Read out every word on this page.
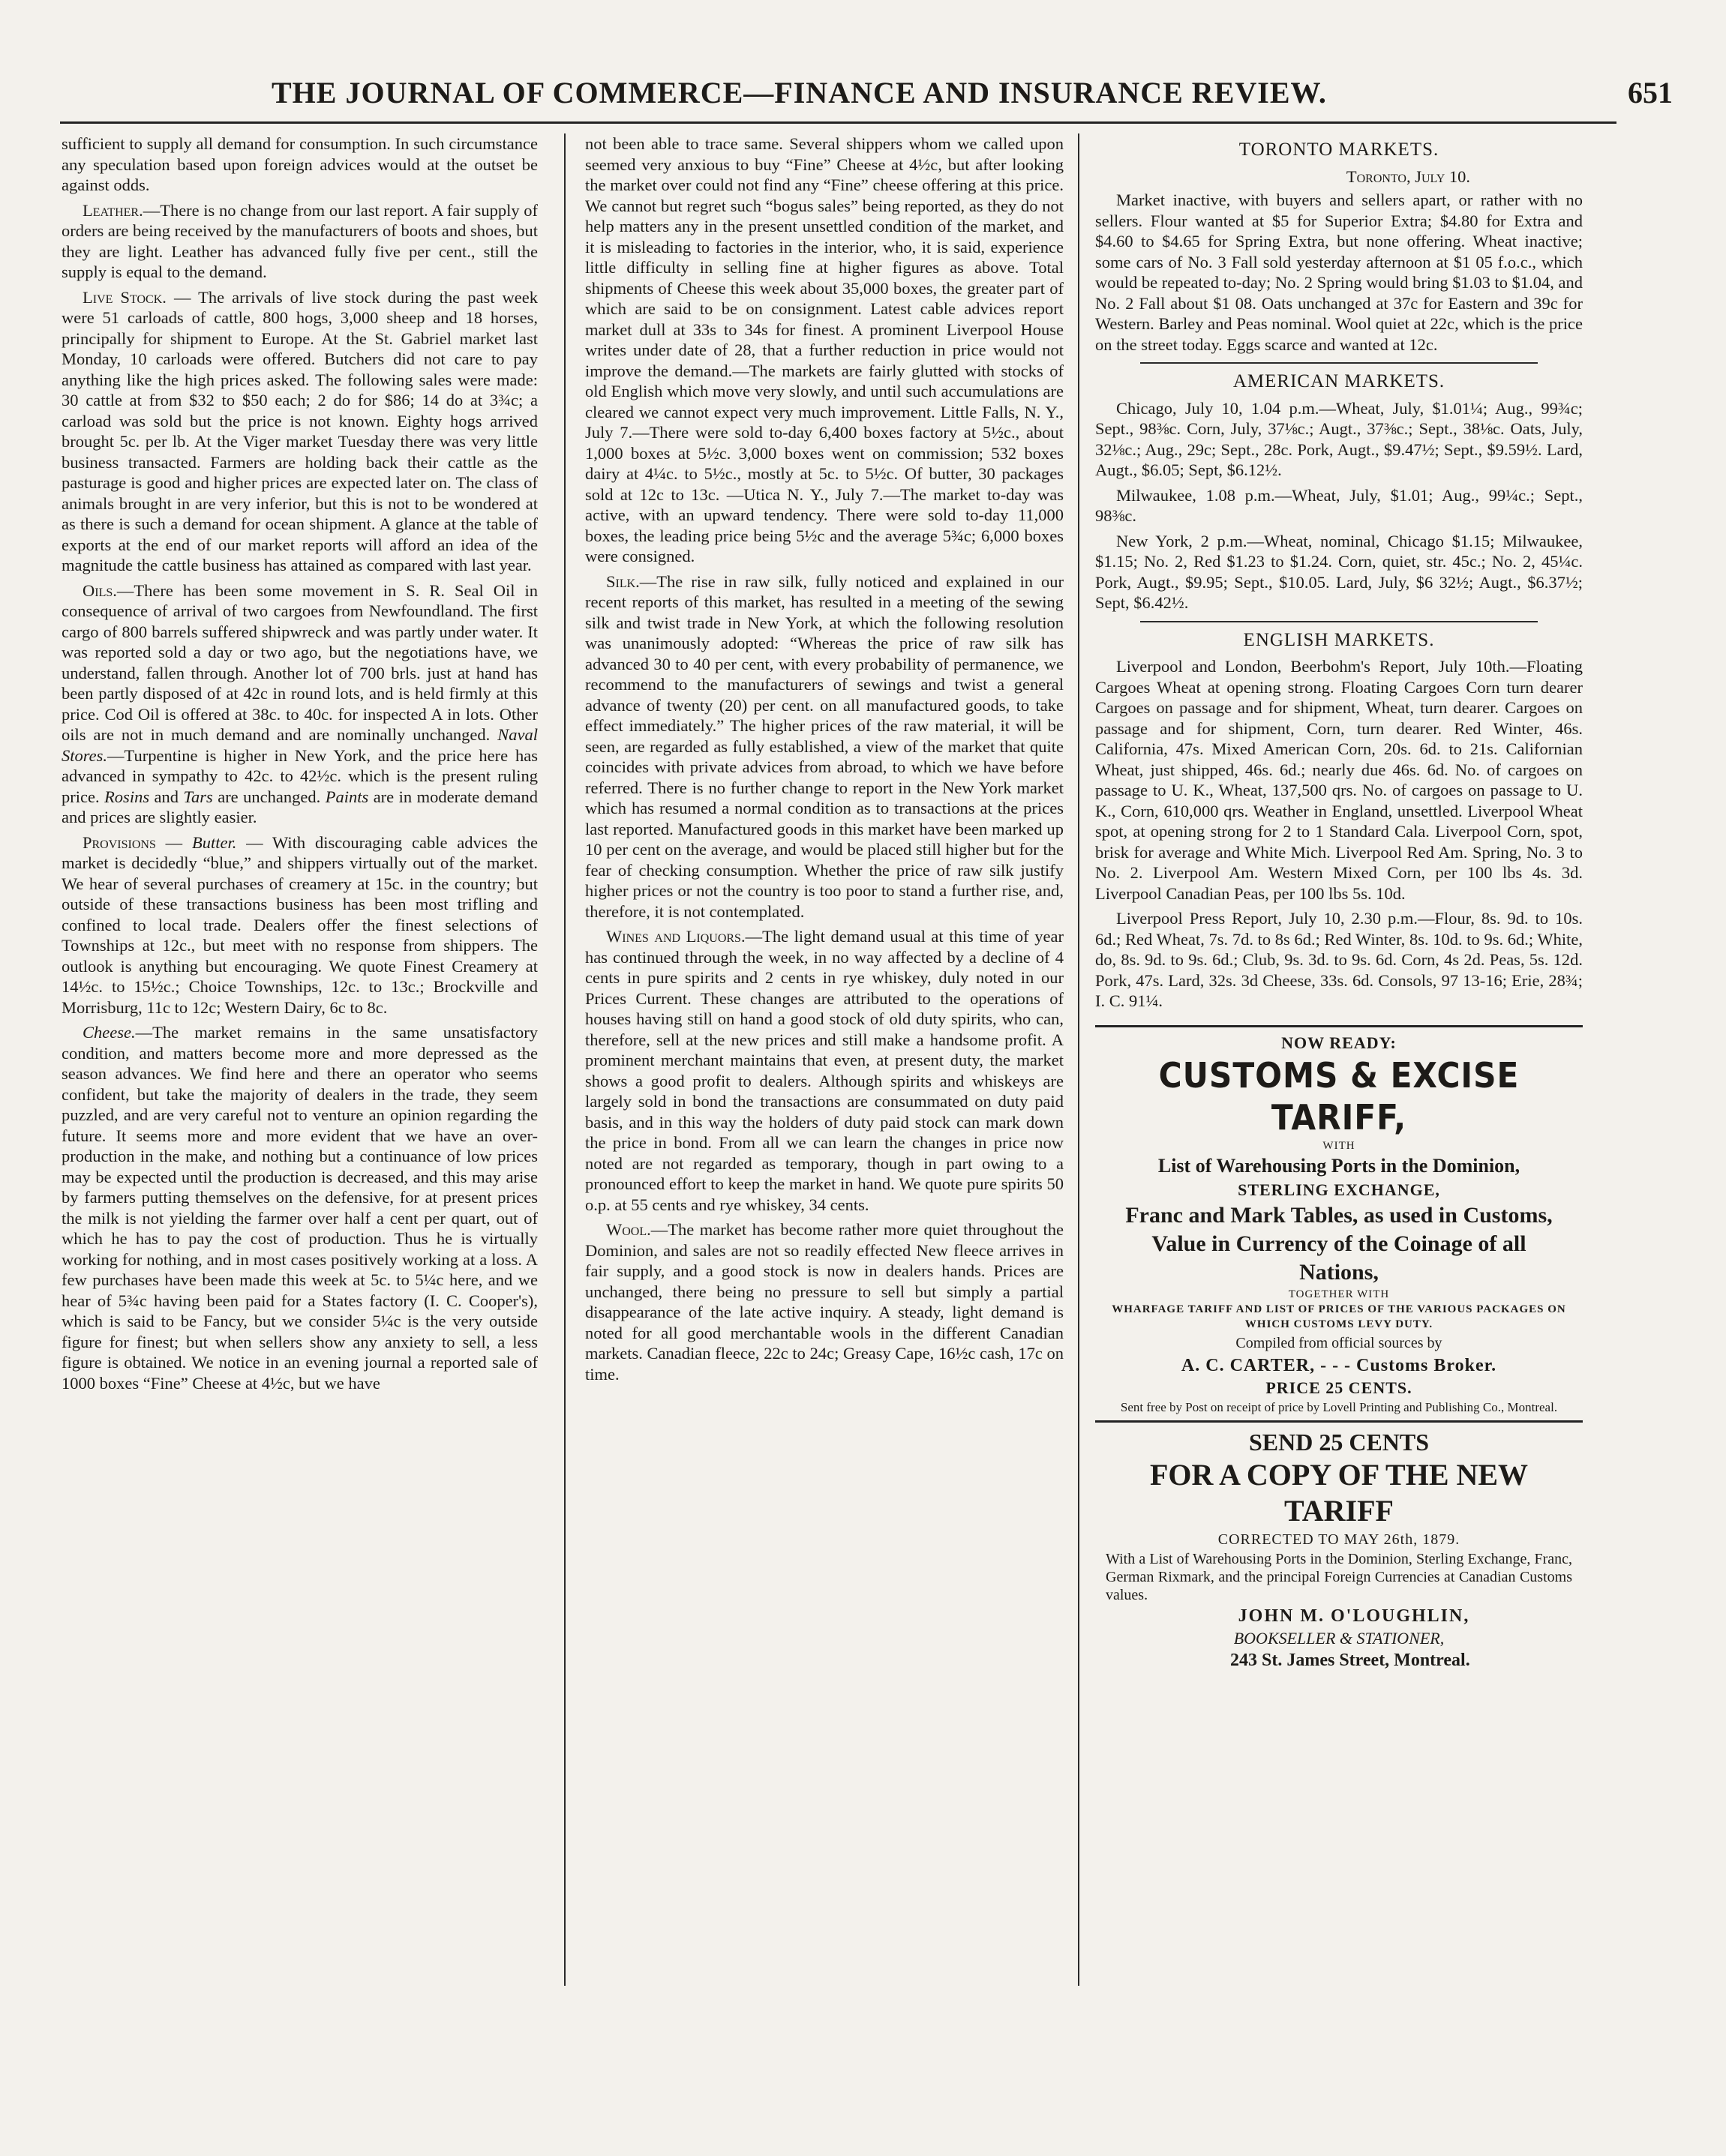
THE JOURNAL OF COMMERCE—FINANCE AND INSURANCE REVIEW.	651

sufficient to supply all demand for consumption. In such circumstance any speculation based upon foreign advices would at the outset be against odds.

Leather.—There is no change from our last report. A fair supply of orders are being received by the manufacturers of boots and shoes, but they are light. Leather has advanced fully five per cent., still the supply is equal to the demand.

Live Stock. — The arrivals of live stock during the past week were 51 carloads of cattle, 800 hogs, 3,000 sheep and 18 horses, principally for shipment to Europe. At the St. Gabriel market last Monday, 10 carloads were offered. Butchers did not care to pay anything like the high prices asked. The following sales were made: 30 cattle at from $32 to $50 each; 2 do for $86; 14 do at 3¾c; a carload was sold but the price is not known. Eighty hogs arrived brought 5c. per lb. At the Viger market Tuesday there was very little business transacted. Farmers are holding back their cattle as the pasturage is good and higher prices are expected later on. The class of animals brought in are very inferior, but this is not to be wondered at as there is such a demand for ocean shipment. A glance at the table of exports at the end of our market reports will afford an idea of the magnitude the cattle business has attained as compared with last year.

Oils.—There has been some movement in S. R. Seal Oil in consequence of arrival of two cargoes from Newfoundland. The first cargo of 800 barrels suffered shipwreck and was partly under water. It was reported sold a day or two ago, but the negotiations have, we understand, fallen through. Another lot of 700 brls. just at hand has been partly disposed of at 42c in round lots, and is held firmly at this price. Cod Oil is offered at 38c. to 40c. for inspected A in lots. Other oils are not in much demand and are nominally unchanged. Naval Stores.—Turpentine is higher in New York, and the price here has advanced in sympathy to 42c. to 42½c. which is the present ruling price. Rosins and Tars are unchanged. Paints are in moderate demand and prices are slightly easier.

Provisions — Butter. — With discouraging cable advices the market is decidedly “blue,” and shippers virtually out of the market. We hear of several purchases of creamery at 15c. in the country; but outside of these transactions business has been most trifling and confined to local trade. Dealers offer the finest selections of Townships at 12c., but meet with no response from shippers. The outlook is anything but encouraging. We quote Finest Creamery at 14½c. to 15½c.; Choice Townships, 12c. to 13c.; Brockville and Morrisburg, 11c to 12c; Western Dairy, 6c to 8c.

Cheese.—The market remains in the same unsatisfactory condition, and matters become more and more depressed as the season advances. We find here and there an operator who seems confident, but take the majority of dealers in the trade, they seem puzzled, and are very careful not to venture an opinion regarding the future. It seems more and more evident that we have an over-production in the make, and nothing but a continuance of low prices may be expected until the production is decreased, and this may arise by farmers putting themselves on the defensive, for at present prices the milk is not yielding the farmer over half a cent per quart, out of which he has to pay the cost of production. Thus he is virtually working for nothing, and in most cases positively working at a loss. A few purchases have been made this week at 5c. to 5¼c here, and we hear of 5¾c having been paid for a States factory (I. C. Cooper's), which is said to be Fancy, but we consider 5¼c is the very outside figure for finest; but when sellers show any anxiety to sell, a less figure is obtained. We notice in an evening journal a reported sale of 1000 boxes “Fine” Cheese at 4½c, but we have

not been able to trace same. Several shippers whom we called upon seemed very anxious to buy “Fine” Cheese at 4½c, but after looking the market over could not find any “Fine” cheese offering at this price. We cannot but regret such “bogus sales” being reported, as they do not help matters any in the present unsettled condition of the market, and it is misleading to factories in the interior, who, it is said, experience little difficulty in selling fine at higher figures as above. Total shipments of Cheese this week about 35,000 boxes, the greater part of which are said to be on consignment. Latest cable advices report market dull at 33s to 34s for finest. A prominent Liverpool House writes under date of 28, that a further reduction in price would not improve the demand.—The markets are fairly glutted with stocks of old English which move very slowly, and until such accumulations are cleared we cannot expect very much improvement. Little Falls, N. Y., July 7.—There were sold to-day 6,400 boxes factory at 5½c., about 1,000 boxes at 5½c. 3,000 boxes went on commission; 532 boxes dairy at 4¼c. to 5½c., mostly at 5c. to 5½c. Of butter, 30 packages sold at 12c to 13c. —Utica N. Y., July 7.—The market to-day was active, with an upward tendency. There were sold to-day 11,000 boxes, the leading price being 5½c and the average 5¾c; 6,000 boxes were consigned.

Silk.—The rise in raw silk, fully noticed and explained in our recent reports of this market, has resulted in a meeting of the sewing silk and twist trade in New York, at which the following resolution was unanimously adopted: “Whereas the price of raw silk has advanced 30 to 40 per cent, with every probability of permanence, we recommend to the manufacturers of sewings and twist a general advance of twenty (20) per cent. on all manufactured goods, to take effect immediately.” The higher prices of the raw material, it will be seen, are regarded as fully established, a view of the market that quite coincides with private advices from abroad, to which we have before referred. There is no further change to report in the New York market which has resumed a normal condition as to transactions at the prices last reported. Manufactured goods in this market have been marked up 10 per cent on the average, and would be placed still higher but for the fear of checking consumption. Whether the price of raw silk justify higher prices or not the country is too poor to stand a further rise, and, therefore, it is not contemplated.

Wines and Liquors.—The light demand usual at this time of year has continued through the week, in no way affected by a decline of 4 cents in pure spirits and 2 cents in rye whiskey, duly noted in our Prices Current. These changes are attributed to the operations of houses having still on hand a good stock of old duty spirits, who can, therefore, sell at the new prices and still make a handsome profit. A prominent merchant maintains that even, at present duty, the market shows a good profit to dealers. Although spirits and whiskeys are largely sold in bond the transactions are consummated on duty paid basis, and in this way the holders of duty paid stock can mark down the price in bond. From all we can learn the changes in price now noted are not regarded as temporary, though in part owing to a pronounced effort to keep the market in hand. We quote pure spirits 50 o.p. at 55 cents and rye whiskey, 34 cents.

Wool.—The market has become rather more quiet throughout the Dominion, and sales are not so readily effected New fleece arrives in fair supply, and a good stock is now in dealers hands. Prices are unchanged, there being no pressure to sell but simply a partial disappearance of the late active inquiry. A steady, light demand is noted for all good merchantable wools in the different Canadian markets. Canadian fleece, 22c to 24c; Greasy Cape, 16½c cash, 17c on time.

TORONTO MARKETS.
Toronto, July 10.

Market inactive, with buyers and sellers apart, or rather with no sellers. Flour wanted at $5 for Superior Extra; $4.80 for Extra and $4.60 to $4.65 for Spring Extra, but none offering. Wheat inactive; some cars of No. 3 Fall sold yesterday afternoon at $1 05 f.o.c., which would be repeated to-day; No. 2 Spring would bring $1.03 to $1.04, and No. 2 Fall about $1 08. Oats unchanged at 37c for Eastern and 39c for Western. Barley and Peas nominal. Wool quiet at 22c, which is the price on the street today. Eggs scarce and wanted at 12c.

AMERICAN MARKETS.

Chicago, July 10, 1.04 p.m.—Wheat, July, $1.01¼; Aug., 99¾c; Sept., 98⅜c. Corn, July, 37⅛c.; Augt., 37⅜c.; Sept., 38⅛c. Oats, July, 32⅛c.; Aug., 29c; Sept., 28c. Pork, Augt., $9.47½; Sept., $9.59½. Lard, Augt., $6.05; Sept, $6.12½.

Milwaukee, 1.08 p.m.—Wheat, July, $1.01; Aug., 99¼c.; Sept., 98⅜c.

New York, 2 p.m.—Wheat, nominal, Chicago $1.15; Milwaukee, $1.15; No. 2, Red $1.23 to $1.24. Corn, quiet, str. 45c.; No. 2, 45¼c. Pork, Augt., $9.95; Sept., $10.05. Lard, July, $6 32½; Augt., $6.37½; Sept, $6.42½.

ENGLISH MARKETS.

Liverpool and London, Beerbohm's Report, July 10th.—Floating Cargoes Wheat at opening strong. Floating Cargoes Corn turn dearer Cargoes on passage and for shipment, Wheat, turn dearer. Cargoes on passage and for shipment, Corn, turn dearer. Red Winter, 46s. California, 47s. Mixed American Corn, 20s. 6d. to 21s. Californian Wheat, just shipped, 46s. 6d.; nearly due 46s. 6d. No. of cargoes on passage to U. K., Wheat, 137,500 qrs. No. of cargoes on passage to U. K., Corn, 610,000 qrs. Weather in England, unsettled. Liverpool Wheat spot, at opening strong for 2 to 1 Standard Cala. Liverpool Corn, spot, brisk for average and White Mich. Liverpool Red Am. Spring, No. 3 to No. 2. Liverpool Am. Western Mixed Corn, per 100 lbs 4s. 3d. Liverpool Canadian Peas, per 100 lbs 5s. 10d.

Liverpool Press Report, July 10, 2.30 p.m.—Flour, 8s. 9d. to 10s. 6d.; Red Wheat, 7s. 7d. to 8s 6d.; Red Winter, 8s. 10d. to 9s. 6d.; White, do, 8s. 9d. to 9s. 6d.; Club, 9s. 3d. to 9s. 6d. Corn, 4s 2d. Peas, 5s. 12d. Pork, 47s. Lard, 32s. 3d Cheese, 33s. 6d. Consols, 97 13-16; Erie, 28¾; I. C. 91¼.

NOW READY:
CUSTOMS & EXCISE TARIFF,
WITH
List of Warehousing Ports in the Dominion,
STERLING EXCHANGE,
Franc and Mark Tables, as used in Customs, Value in Currency of the Coinage of all Nations,
TOGETHER WITH
WHARFAGE TARIFF AND LIST OF PRICES OF THE VARIOUS PACKAGES ON WHICH CUSTOMS LEVY DUTY.
Compiled from official sources by
A. C. CARTER, - - - Customs Broker.
PRICE 25 CENTS.
Sent free by Post on receipt of price by Lovell Printing and Publishing Co., Montreal.
SEND 25 CENTS
FOR A COPY OF THE NEW TARIFF
CORRECTED TO MAY 26th, 1879.
With a List of Warehousing Ports in the Dominion, Sterling Exchange, Franc, German Rixmark, and the principal Foreign Currencies at Canadian Customs values.
JOHN M. O'LOUGHLIN,
BOOKSELLER & STATIONER,
243 St. James Street, Montreal.
